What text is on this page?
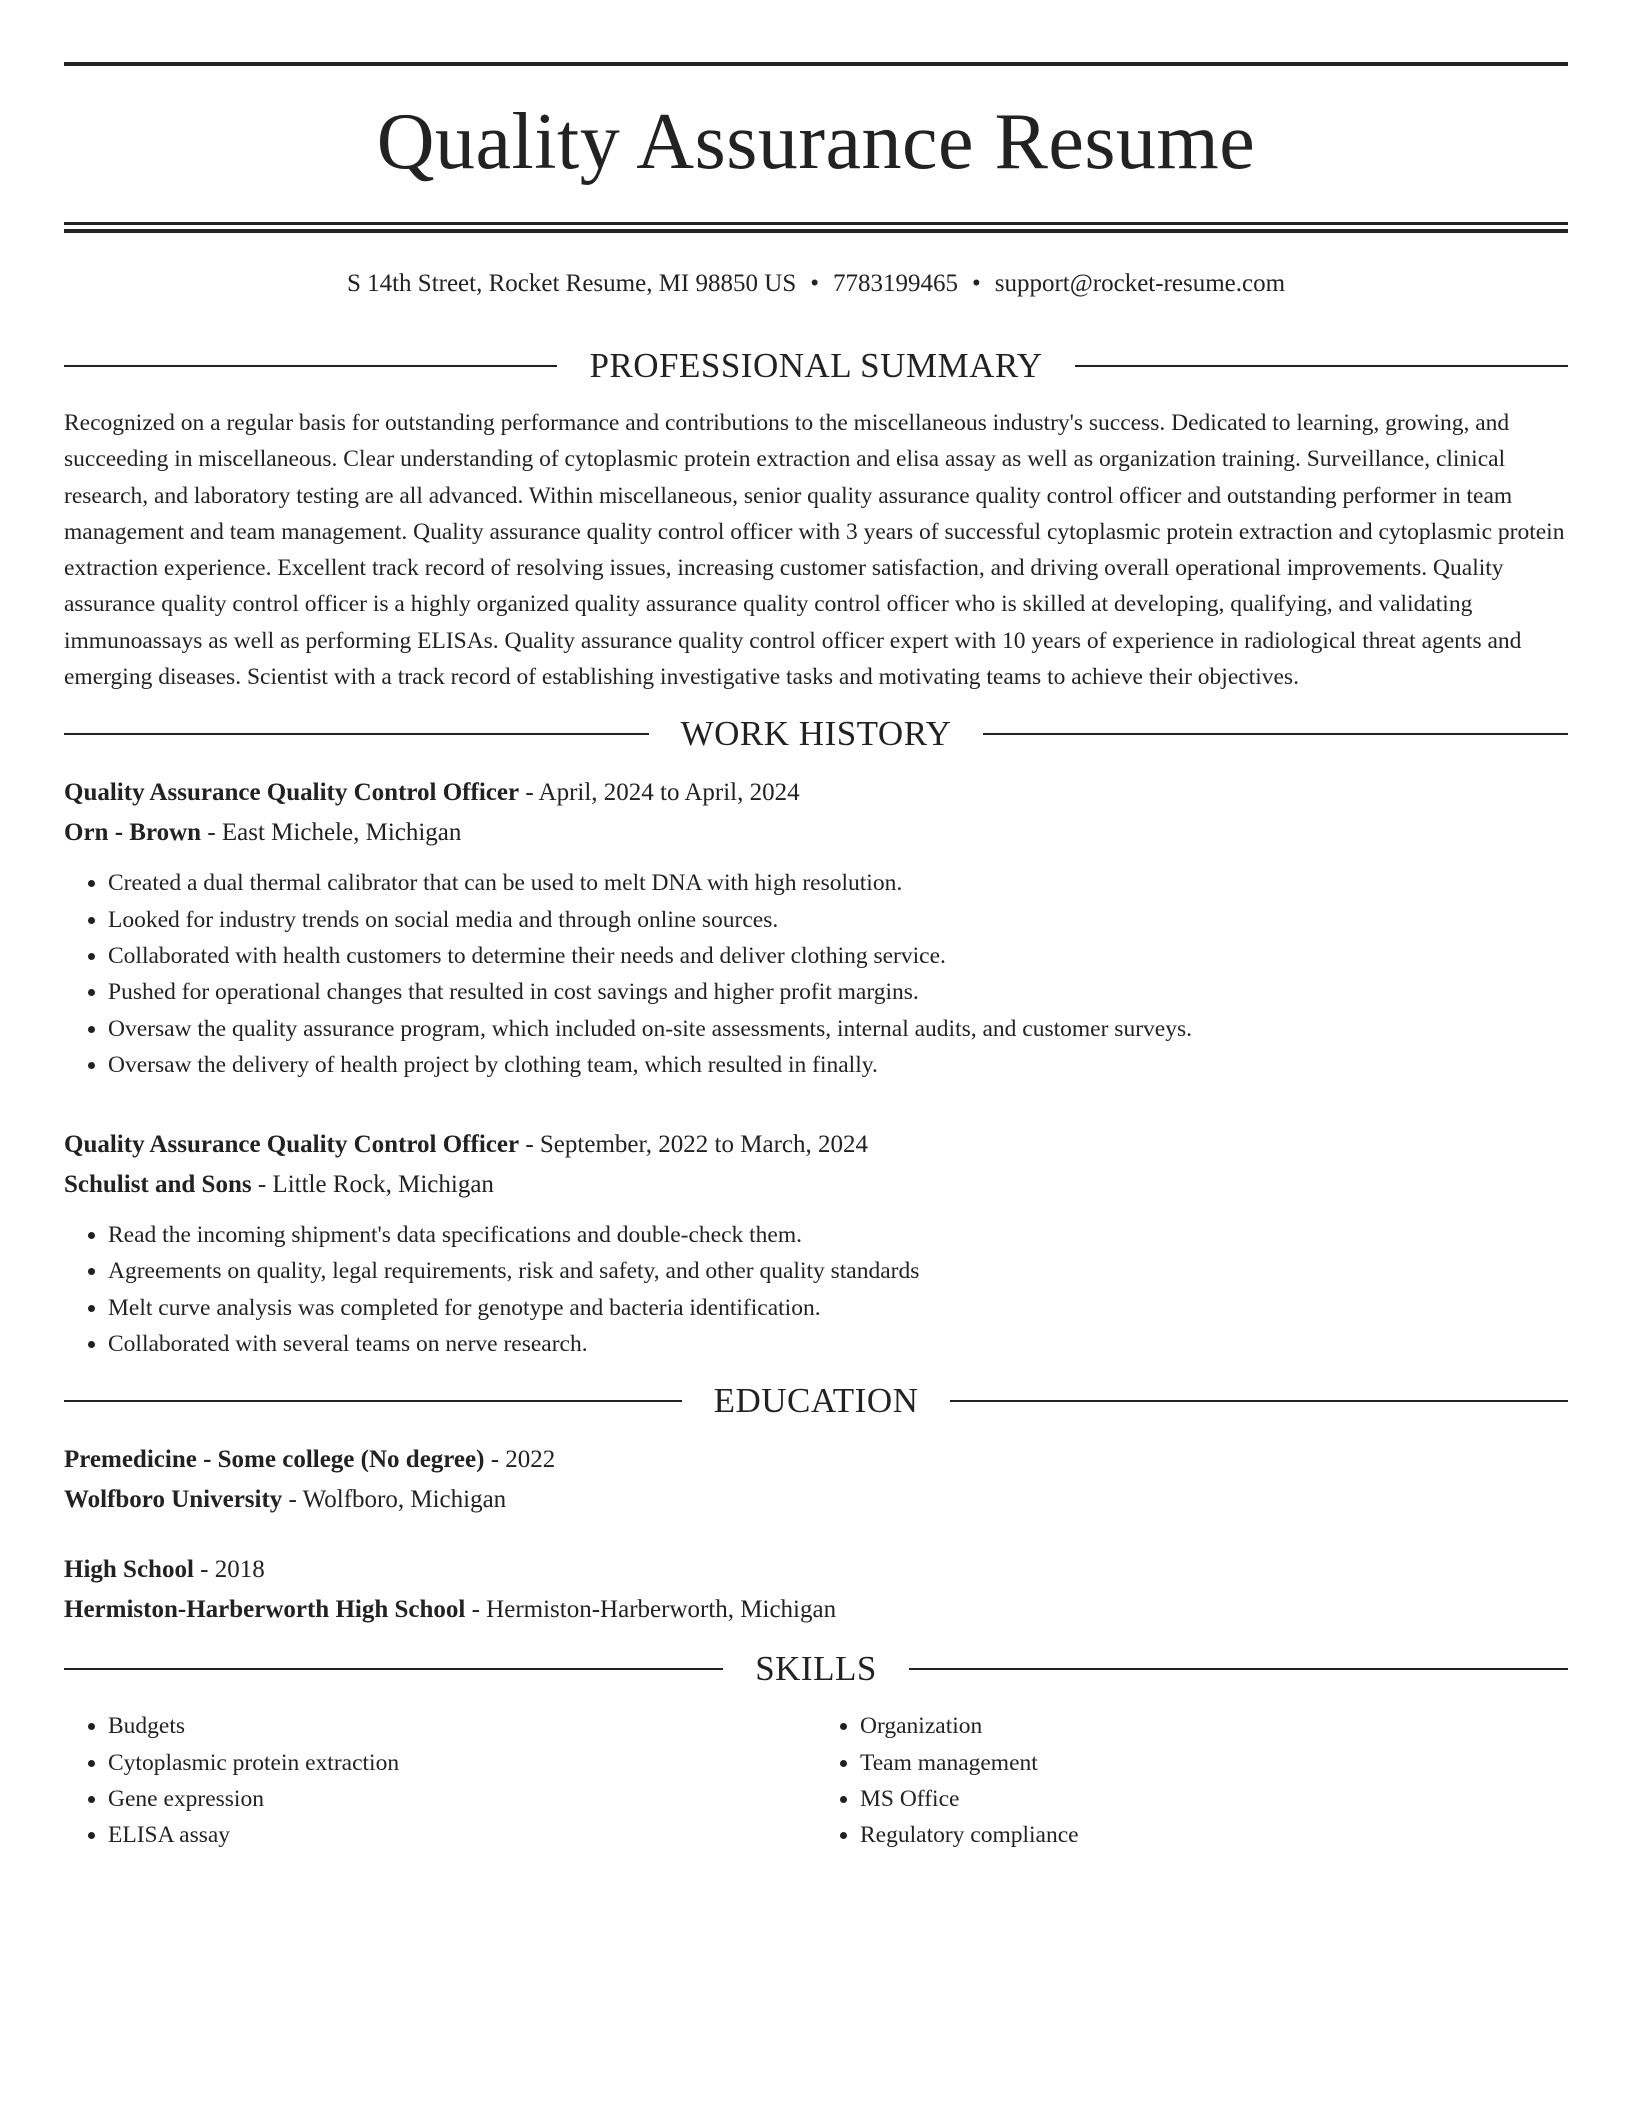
Quality Assurance Resume
S 14th Street, Rocket Resume, MI 98850 US • 7783199465 • support@rocket-resume.com
PROFESSIONAL SUMMARY

Recognized on a regular basis for outstanding performance and contributions to the miscellaneous industry's success. Dedicated to learning, growing, and succeeding in miscellaneous. Clear understanding of cytoplasmic protein extraction and elisa assay as well as organization training. Surveillance, clinical research, and laboratory testing are all advanced. Within miscellaneous, senior quality assurance quality control officer and outstanding performer in team management and team management. Quality assurance quality control officer with 3 years of successful cytoplasmic protein extraction and cytoplasmic protein extraction experience. Excellent track record of resolving issues, increasing customer satisfaction, and driving overall operational improvements. Quality assurance quality control officer is a highly organized quality assurance quality control officer who is skilled at developing, qualifying, and validating immunoassays as well as performing ELISAs. Quality assurance quality control officer expert with 10 years of experience in radiological threat agents and emerging diseases. Scientist with a track record of establishing investigative tasks and motivating teams to achieve their objectives.

WORK HISTORY
Quality Assurance Quality Control Officer - April, 2024 to April, 2024
Orn - Brown - East Michele, Michigan
• Created a dual thermal calibrator that can be used to melt DNA with high resolution.
• Looked for industry trends on social media and through online sources.
• Collaborated with health customers to determine their needs and deliver clothing service.
• Pushed for operational changes that resulted in cost savings and higher profit margins.
• Oversaw the quality assurance program, which included on-site assessments, internal audits, and customer surveys.
• Oversaw the delivery of health project by clothing team, which resulted in finally.
Quality Assurance Quality Control Officer - September, 2022 to March, 2024
Schulist and Sons - Little Rock, Michigan
• Read the incoming shipment's data specifications and double-check them.
• Agreements on quality, legal requirements, risk and safety, and other quality standards
• Melt curve analysis was completed for genotype and bacteria identification.
• Collaborated with several teams on nerve research.
EDUCATION
Premedicine - Some college (No degree) - 2022
Wolfboro University - Wolfboro, Michigan
High School - 2018
Hermiston-Harberworth High School - Hermiston-Harberworth, Michigan
SKILLS
• Budgets
• Cytoplasmic protein extraction
• Gene expression
• ELISA assay
• Organization
• Team management
• MS Office
• Regulatory compliance
